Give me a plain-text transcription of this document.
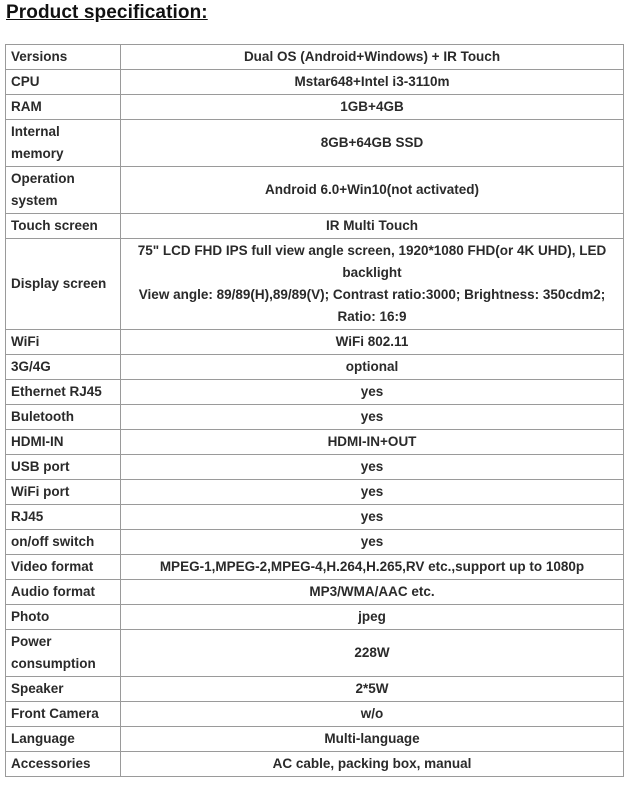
Product specification:
Versions	Dual OS (Android+Windows) + IR Touch
CPU	Mstar648+Intel i3-3110m
RAM	1GB+4GB
Internal memory	8GB+64GB SSD
Operation system	Android 6.0+Win10(not activated)
Touch screen	IR Multi Touch
Display screen	75" LCD FHD IPS full view angle screen, 1920*1080 FHD(or 4K UHD), LED backlight
View angle: 89/89(H),89/89(V); Contrast ratio:3000; Brightness: 350cdm2; Ratio: 16:9
WiFi	WiFi 802.11
3G/4G	optional
Ethernet RJ45	yes
Buletooth	yes
HDMI-IN	HDMI-IN+OUT
USB port	yes
WiFi port	yes
RJ45	yes
on/off switch	yes
Video format	MPEG-1,MPEG-2,MPEG-4,H.264,H.265,RV etc.,support up to 1080p
Audio format	MP3/WMA/AAC etc.
Photo	jpeg
Power consumption	228W
Speaker	2*5W
Front Camera	w/o
Language	Multi-language
Accessories	AC cable, packing box, manual
